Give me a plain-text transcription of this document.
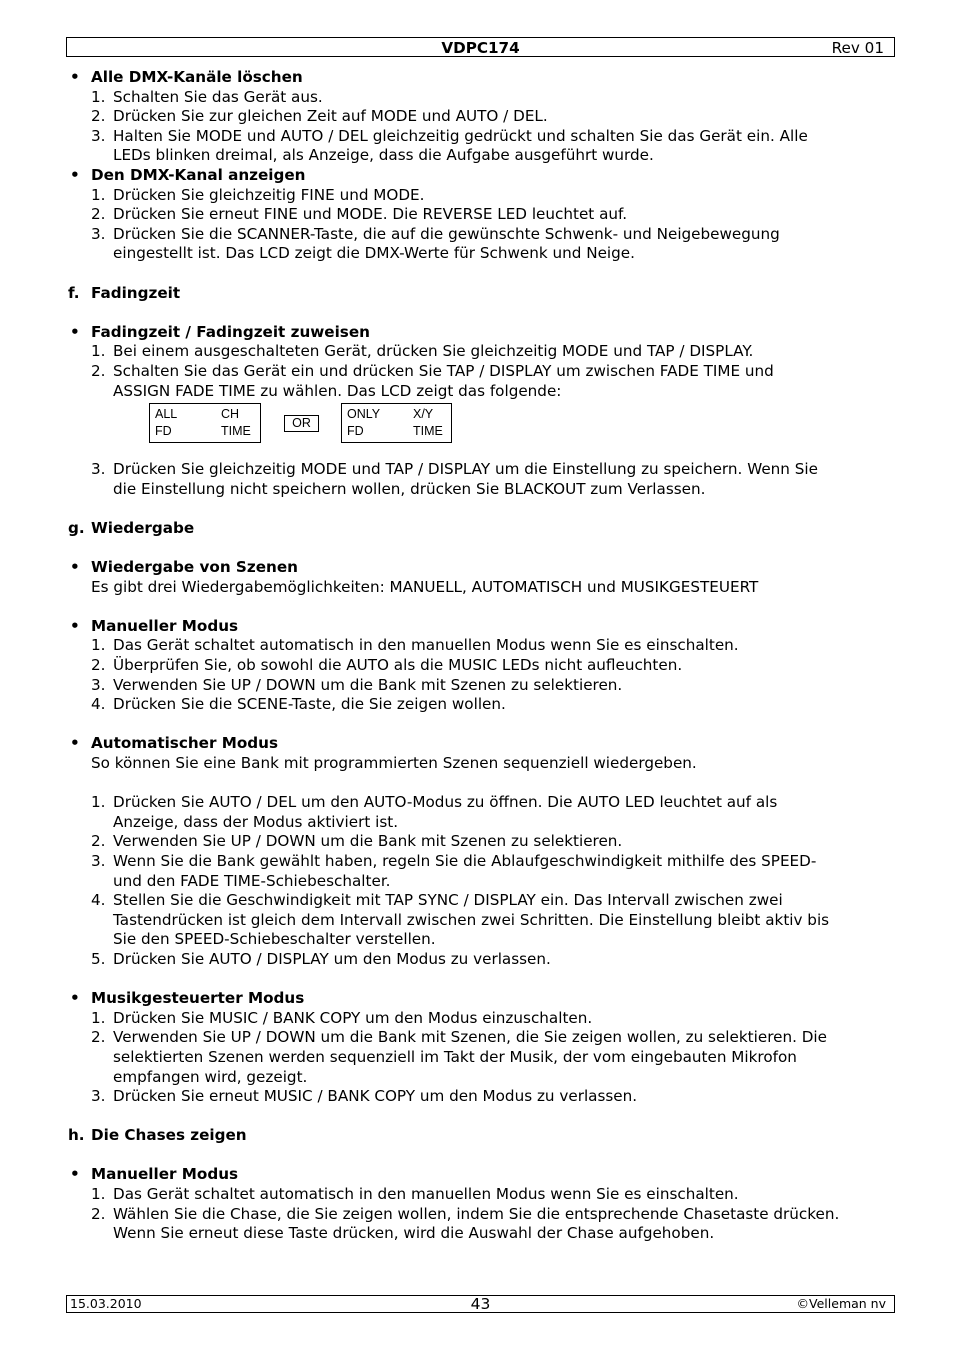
VDPC174	Rev 01
• Alle DMX-Kanäle löschen
1. Schalten Sie das Gerät aus.
2. Drücken Sie zur gleichen Zeit auf MODE und AUTO / DEL.
3. Halten Sie MODE und AUTO / DEL gleichzeitig gedrückt und schalten Sie das Gerät ein. Alle
LEDs blinken dreimal, als Anzeige, dass die Aufgabe ausgeführt wurde.
• Den DMX-Kanal anzeigen
1. Drücken Sie gleichzeitig FINE und MODE.
2. Drücken Sie erneut FINE und MODE. Die REVERSE LED leuchtet auf.
3. Drücken Sie die SCANNER-Taste, die auf die gewünschte Schwenk- und Neigebewegung
eingestellt ist. Das LCD zeigt die DMX-Werte für Schwenk und Neige.
f. Fadingzeit
• Fadingzeit / Fadingzeit zuweisen
1. Bei einem ausgeschalteten Gerät, drücken Sie gleichzeitig MODE und TAP / DISPLAY.
2. Schalten Sie das Gerät ein und drücken Sie TAP / DISPLAY um zwischen FADE TIME und
ASSIGN FADE TIME zu wählen. Das LCD zeigt das folgende:
ALL	CH
FD	TIME
OR
ONLY	X/Y
FD	TIME
3. Drücken Sie gleichzeitig MODE und TAP / DISPLAY um die Einstellung zu speichern. Wenn Sie
die Einstellung nicht speichern wollen, drücken Sie BLACKOUT zum Verlassen.
g. Wiedergabe
• Wiedergabe von Szenen
Es gibt drei Wiedergabemöglichkeiten: MANUELL, AUTOMATISCH und MUSIKGESTEUERT
• Manueller Modus
1. Das Gerät schaltet automatisch in den manuellen Modus wenn Sie es einschalten.
2. Überprüfen Sie, ob sowohl die AUTO als die MUSIC LEDs nicht aufleuchten.
3. Verwenden Sie UP / DOWN um die Bank mit Szenen zu selektieren.
4. Drücken Sie die SCENE-Taste, die Sie zeigen wollen.
• Automatischer Modus
So können Sie eine Bank mit programmierten Szenen sequenziell wiedergeben.
1. Drücken Sie AUTO / DEL um den AUTO-Modus zu öffnen. Die AUTO LED leuchtet auf als
Anzeige, dass der Modus aktiviert ist.
2. Verwenden Sie UP / DOWN um die Bank mit Szenen zu selektieren.
3. Wenn Sie die Bank gewählt haben, regeln Sie die Ablaufgeschwindigkeit mithilfe des SPEED-
und den FADE TIME-Schiebeschalter.
4. Stellen Sie die Geschwindigkeit mit TAP SYNC / DISPLAY ein. Das Intervall zwischen zwei
Tastendrücken ist gleich dem Intervall zwischen zwei Schritten. Die Einstellung bleibt aktiv bis
Sie den SPEED-Schiebeschalter verstellen.
5. Drücken Sie AUTO / DISPLAY um den Modus zu verlassen.
• Musikgesteuerter Modus
1. Drücken Sie MUSIC / BANK COPY um den Modus einzuschalten.
2. Verwenden Sie UP / DOWN um die Bank mit Szenen, die Sie zeigen wollen, zu selektieren. Die
selektierten Szenen werden sequenziell im Takt der Musik, der vom eingebauten Mikrofon
empfangen wird, gezeigt.
3. Drücken Sie erneut MUSIC / BANK COPY um den Modus zu verlassen.
h. Die Chases zeigen
• Manueller Modus
1. Das Gerät schaltet automatisch in den manuellen Modus wenn Sie es einschalten.
2. Wählen Sie die Chase, die Sie zeigen wollen, indem Sie die entsprechende Chasetaste drücken.
Wenn Sie erneut diese Taste drücken, wird die Auswahl der Chase aufgehoben.
15.03.2010	43	©Velleman nv
